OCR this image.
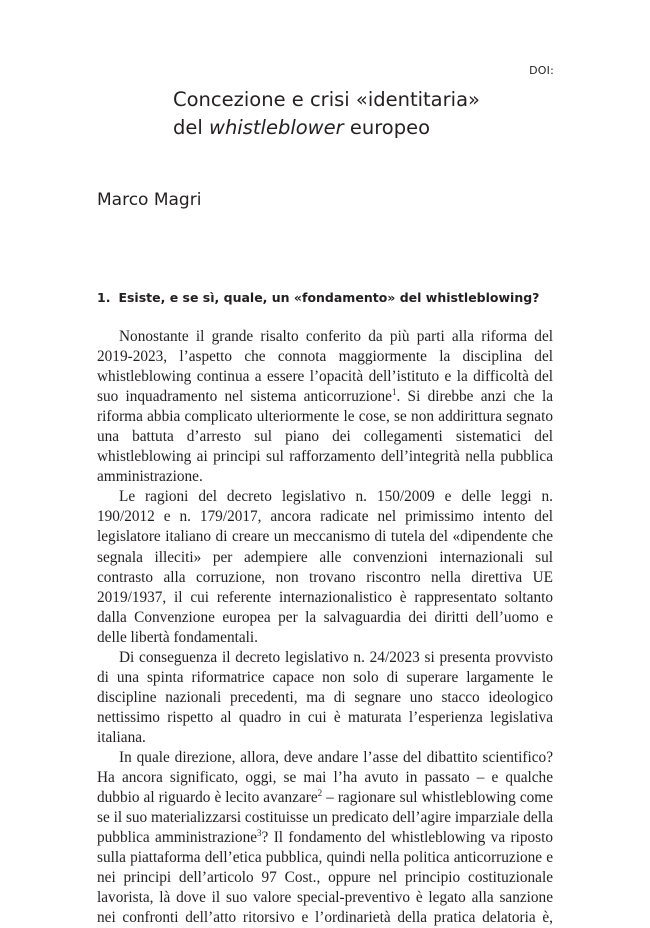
DOI:
Concezione e crisi «identitaria»
del whistleblower europeo
Marco Magri
1. Esiste, e se sì, quale, un «fondamento» del whistleblowing?

Nonostante il grande risalto conferito da più parti alla riforma del 2019-2023, l’aspetto che connota maggiormente la disciplina del whistleblowing continua a essere l’opacità dell’istituto e la difficoltà del suo inquadramento nel sistema anticorruzione$^1$. Si direbbe anzi che la riforma abbia complicato ulteriormente le cose, se non addirittura segnato una battuta d’arresto sul piano dei collegamenti sistematici del whistleblowing ai principi sul rafforzamento dell’integrità nella pubblica amministrazione.

Le ragioni del decreto legislativo n. 150/2009 e delle leggi n. 190/2012 e n. 179/2017, ancora radicate nel primissimo intento del legislatore italiano di creare un meccanismo di tutela del «dipendente che segnala illeciti» per adempiere alle convenzioni internazionali sul contrasto alla corruzione, non trovano riscontro nella direttiva UE 2019/1937, il cui referente internazionalistico è rappresentato soltanto dalla Convenzione europea per la salvaguardia dei diritti dell’uomo e delle libertà fondamentali.

Di conseguenza il decreto legislativo n. 24/2023 si presenta provvisto di una spinta riformatrice capace non solo di superare largamente le discipline nazionali precedenti, ma di segnare uno stacco ideologico nettissimo rispetto al quadro in cui è maturata l’esperienza legislativa italiana.

In quale direzione, allora, deve andare l’asse del dibattito scientifico? Ha ancora significato, oggi, se mai l’ha avuto in passato – e qualche dubbio al riguardo è lecito avanzare$^2$ – ragionare sul whistleblowing come se il suo materializzarsi costituisse un predicato dell’agire imparziale della pubblica amministrazione$^3$? Il fondamento del whistleblowing va riposto sulla piattaforma dell’etica pubblica, quindi nella politica anticorruzione e nei principi dell’articolo 97 Cost., oppure nel principio costituzionale lavorista, là dove il suo valore special-preventivo è legato alla sanzione nei confronti dell’atto ritorsivo e l’ordinarietà della pratica delatoria è,
